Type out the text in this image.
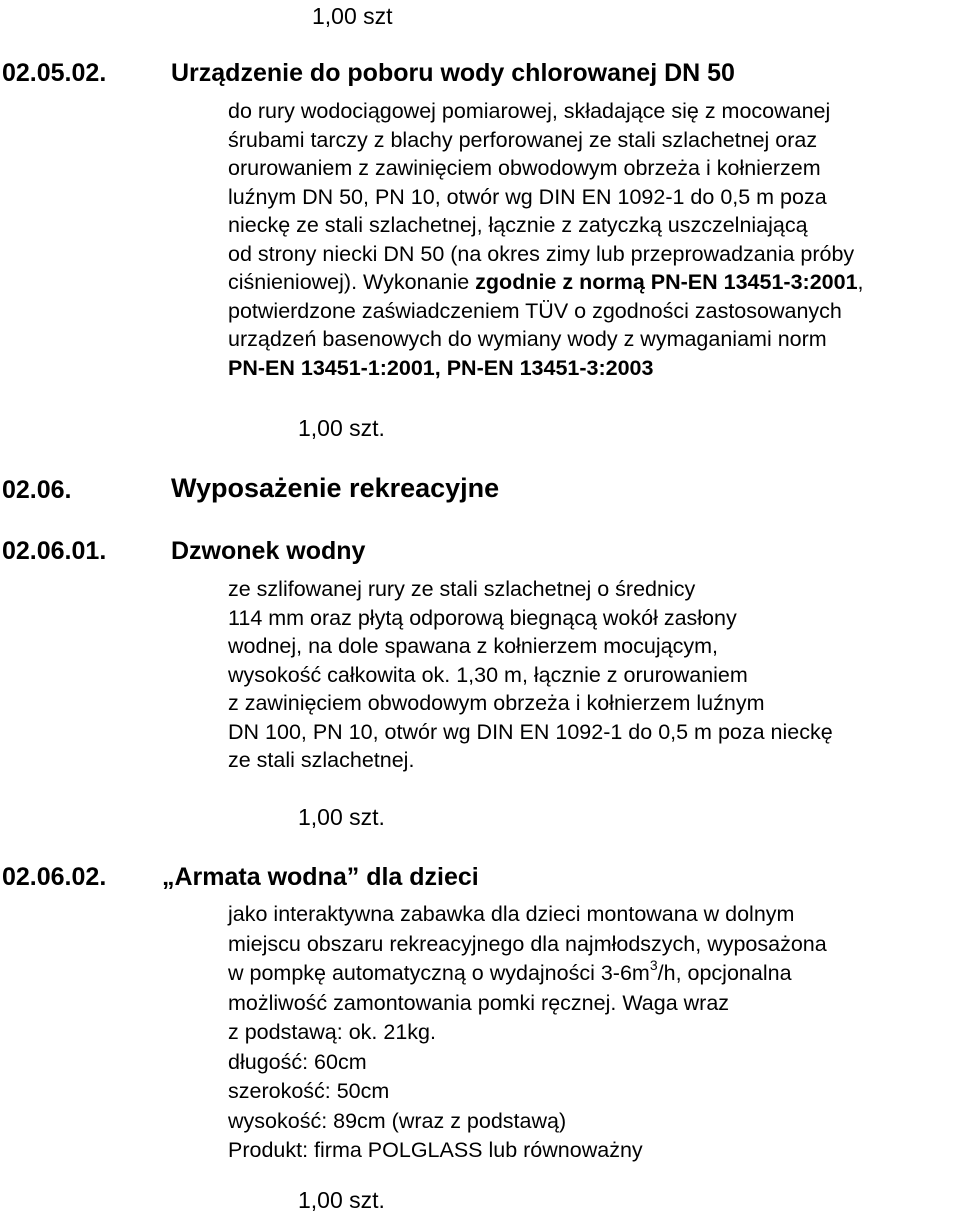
1,00 szt
02.05.02.	Urządzenie do poboru wody chlorowanej DN 50
do rury wodociągowej pomiarowej, składające się z mocowanej
śrubami tarczy z blachy perforowanej ze stali szlachetnej oraz
orurowaniem z zawinięciem obwodowym obrzeża i kołnierzem
luźnym DN 50, PN 10, otwór wg DIN EN 1092-1 do 0,5 m poza
nieckę ze stali szlachetnej, łącznie z zatyczką uszczelniającą
od strony niecki DN 50 (na okres zimy lub przeprowadzania próby
ciśnieniowej). Wykonanie zgodnie z normą PN-EN 13451-3:2001,
potwierdzone zaświadczeniem TÜV o zgodności zastosowanych
urządzeń basenowych do wymiany wody z wymaganiami norm
PN-EN 13451-1:2001, PN-EN 13451-3:2003
1,00 szt.
02.06.	Wyposażenie rekreacyjne
02.06.01.	Dzwonek wodny
ze szlifowanej rury ze stali szlachetnej o średnicy
114 mm oraz płytą odporową biegnącą wokół zasłony
wodnej, na dole spawana z kołnierzem mocującym,
wysokość całkowita ok. 1,30 m, łącznie z orurowaniem
z zawinięciem obwodowym obrzeża i kołnierzem luźnym
DN 100, PN 10, otwór wg DIN EN 1092-1 do 0,5 m poza nieckę
ze stali szlachetnej.
1,00 szt.
02.06.02. „Armata wodna” dla dzieci
jako interaktywna zabawka dla dzieci montowana w dolnym
miejscu obszaru rekreacyjnego dla najmłodszych, wyposażona
w pompkę automatyczną o wydajności $3-6m^3/h$, opcjonalna
możliwość zamontowania pomki ręcznej. Waga wraz
z podstawą: ok. 21kg.
długość: 60cm
szerokość: 50cm
wysokość: 89cm (wraz z podstawą)
Produkt: firma POLGLASS lub równoważny
1,00 szt.
